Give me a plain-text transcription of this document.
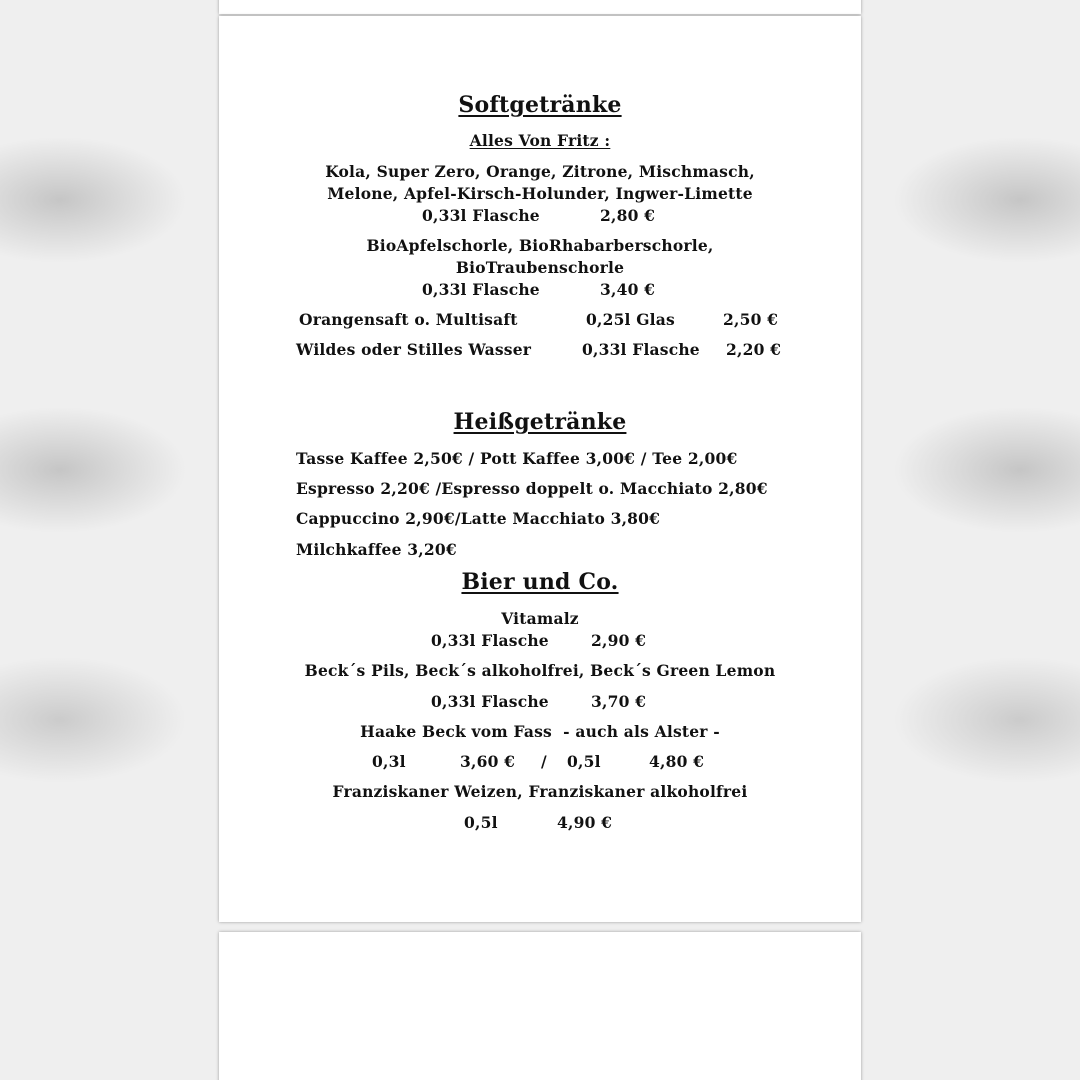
Softgetränke
Alles Von Fritz :
Kola, Super Zero, Orange, Zitrone, Mischmasch,
Melone, Apfel-Kirsch-Holunder, Ingwer-Limette
0,33l Flasche	2,80 €
BioApfelschorle, BioRhabarberschorle,
BioTraubenschorle
0,33l Flasche	3,40 €
Orangensaft o. Multisaft	0,25l Glas	2,50 €
Wildes oder Stilles Wasser	0,33l Flasche 2,20 €
Heißgetränke
Tasse Kaffee 2,50€ / Pott Kaffee 3,00€ / Tee 2,00€
Espresso 2,20€ /Espresso doppelt o. Macchiato 2,80€
Cappuccino 2,90€/Latte Macchiato 3,80€
Milchkaffee 3,20€
Bier und Co.
Vitamalz
0,33l Flasche	2,90 €
Beck´s Pils, Beck´s alkoholfrei, Beck´s Green Lemon
0,33l Flasche	3,70 €
Haake Beck vom Fass  - auch als Alster -
0,3l	3,60 € / 0,5l	4,80 €
Franziskaner Weizen, Franziskaner alkoholfrei
0,5l	4,90 €
